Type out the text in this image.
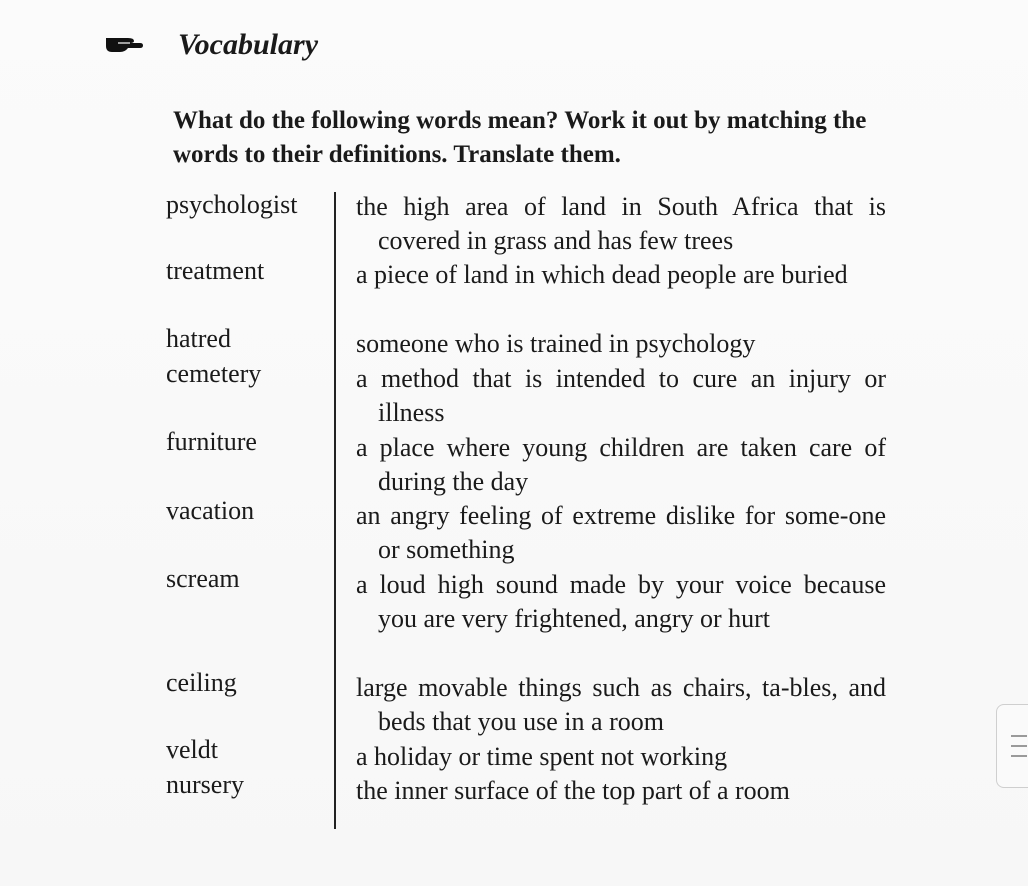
Vocabulary
What do the following words mean? Work it out by matching the words to their definitions. Translate them.
psychologist
treatment
hatred
cemetery
furniture
vacation
scream
ceiling
veldt
nursery
the high area of land in South Africa that is covered in grass and has few trees
a piece of land in which dead people are buried
someone who is trained in psychology
a method that is intended to cure an injury or illness
a place where young children are taken care of during the day
an angry feeling of extreme dislike for some-one or something
a loud high sound made by your voice because you are very frightened, angry or hurt
large movable things such as chairs, ta-bles, and beds that you use in a room
a holiday or time spent not working
the inner surface of the top part of a room
